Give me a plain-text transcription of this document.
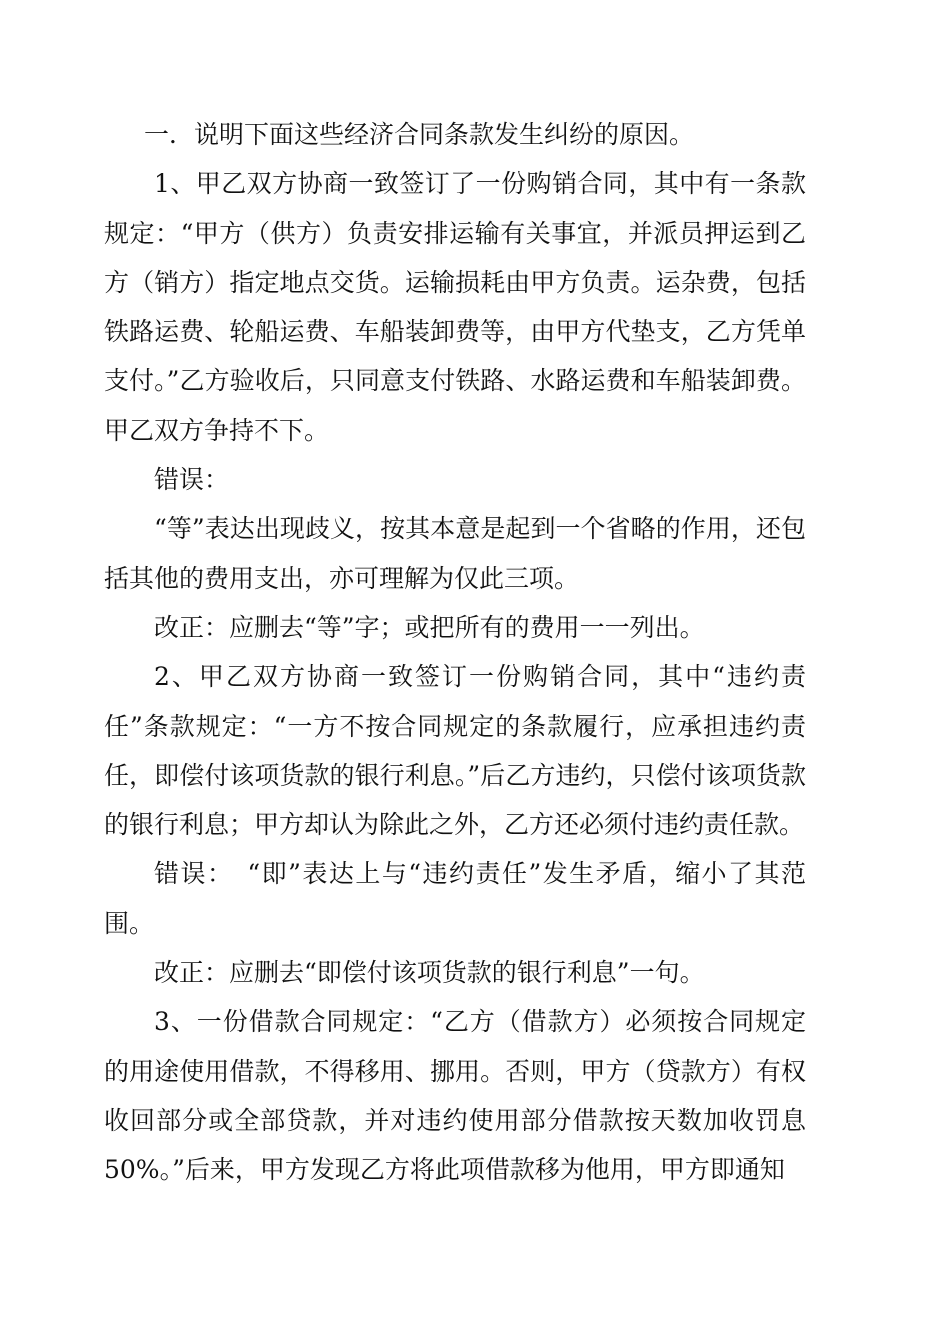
一．说明下面这些经济合同条款发生纠纷的原因。

1、甲乙双方协商一致签订了一份购销合同，其中有一条款规定：“甲方（供方）负责安排运输有关事宜，并派员押运到乙方（销方）指定地点交货。运输损耗由甲方负责。运杂费，包括铁路运费、轮船运费、车船装卸费等，由甲方代垫支，乙方凭单支付。”乙方验收后，只同意支付铁路、水路运费和车船装卸费。甲乙双方争持不下。

错误：

“等”表达出现歧义，按其本意是起到一个省略的作用，还包括其他的费用支出，亦可理解为仅此三项。

改正：应删去“等”字；或把所有的费用一一列出。

2、甲乙双方协商一致签订一份购销合同，其中“违约责任”条款规定：“一方不按合同规定的条款履行，应承担违约责任，即偿付该项货款的银行利息。”后乙方违约，只偿付该项货款的银行利息；甲方却认为除此之外，乙方还必须付违约责任款。

错误：　“即”表达上与“违约责任”发生矛盾，缩小了其范围。

改正：应删去“即偿付该项货款的银行利息”一句。

3、一份借款合同规定：“乙方（借款方）必须按合同规定的用途使用借款，不得移用、挪用。否则，甲方（贷款方）有权收回部分或全部贷款，并对违约使用部分借款按天数加收罚息50%。”后来，甲方发现乙方将此项借款移为他用，甲方即通知
